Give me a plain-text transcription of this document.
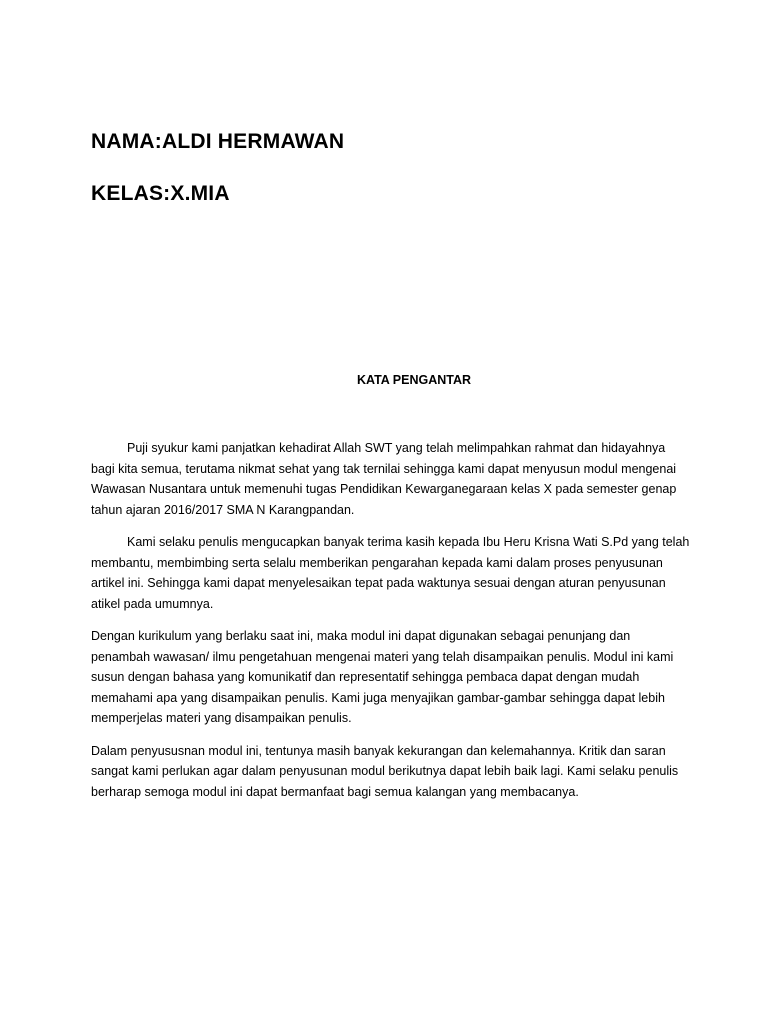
NAMA:ALDI HERMAWAN
KELAS:X.MIA
KATA PENGANTAR

Puji syukur kami panjatkan kehadirat Allah SWT yang telah melimpahkan rahmat dan hidayahnya bagi kita semua, terutama nikmat sehat yang tak ternilai sehingga kami dapat menyusun modul mengenai Wawasan Nusantara untuk memenuhi tugas Pendidikan Kewarganegaraan kelas X pada semester genap tahun ajaran 2016/2017 SMA N Karangpandan.

Kami selaku penulis mengucapkan banyak terima kasih kepada Ibu Heru Krisna Wati S.Pd yang telah membantu, membimbing serta selalu memberikan pengarahan kepada kami dalam proses penyusunan artikel ini. Sehingga kami dapat menyelesaikan tepat pada waktunya sesuai dengan aturan penyusunan atikel pada umumnya.

Dengan kurikulum yang berlaku saat ini, maka modul ini dapat digunakan sebagai penunjang dan penambah wawasan/ ilmu pengetahuan mengenai materi yang telah disampaikan penulis. Modul ini kami susun dengan bahasa yang komunikatif dan representatif sehingga pembaca dapat dengan mudah memahami apa yang disampaikan penulis. Kami juga menyajikan gambar-gambar sehingga dapat lebih memperjelas materi yang disampaikan penulis.

Dalam penyususnan modul ini, tentunya masih banyak kekurangan dan kelemahannya. Kritik dan saran sangat kami perlukan agar dalam penyusunan modul berikutnya dapat lebih baik lagi. Kami selaku penulis berharap semoga modul ini dapat bermanfaat bagi semua kalangan yang membacanya.
